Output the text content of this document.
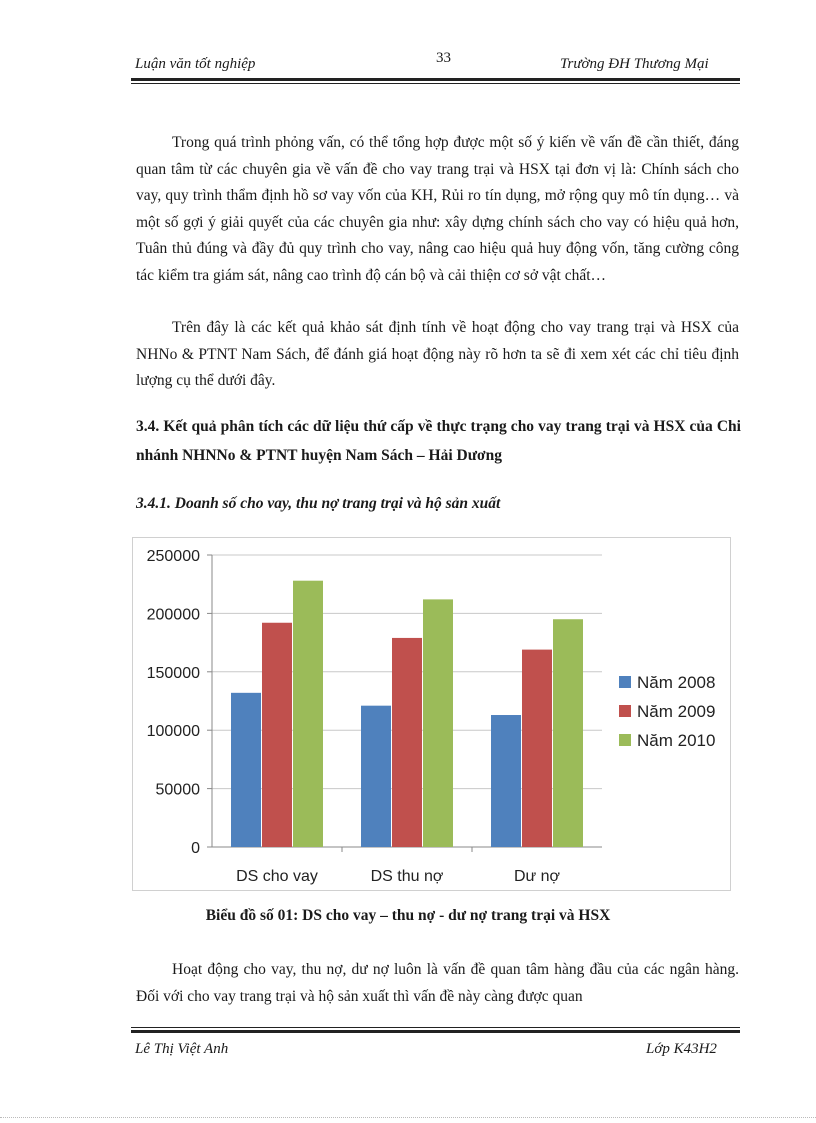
Luận văn tốt nghiệp	33	Trường ĐH Thương Mại

Trong quá trình phỏng vấn, có thể tổng hợp được một số ý kiến về vấn đề cần thiết, đáng quan tâm từ các chuyên gia về vấn đề cho vay trang trại và HSX tại đơn vị là: Chính sách cho vay, quy trình thẩm định hồ sơ vay vốn của KH, Rủi ro tín dụng, mở rộng quy mô tín dụng… và một số gợi ý giải quyết của các chuyên gia như: xây dựng chính sách cho vay có hiệu quả hơn, Tuân thủ đúng và đầy đủ quy trình cho vay, nâng cao hiệu quả huy động vốn, tăng cường công tác kiểm tra giám sát, nâng cao trình độ cán bộ và cải thiện cơ sở vật chất…

Trên đây là các kết quả khảo sát định tính về hoạt động cho vay trang trại và HSX của NHNo & PTNT Nam Sách, để đánh giá hoạt động này rõ hơn ta sẽ đi xem xét các chỉ tiêu định lượng cụ thể dưới đây.

3.4. Kết quả phân tích các dữ liệu thứ cấp về thực trạng cho vay trang trại và HSX của Chi nhánh NHNNo & PTNT huyện Nam Sách – Hải Dương

3.4.1. Doanh số cho vay, thu nợ trang trại và hộ sản xuất

0
50000
100000
150000
200000
250000
DS cho vay	DS thu nợ	Dư nợ
Năm 2008
Năm 2009
Năm 2010
Biểu đồ số 01: DS cho vay – thu nợ - dư nợ trang trại và HSX

Hoạt động cho vay, thu nợ, dư nợ luôn là vấn đề quan tâm hàng đầu của các ngân hàng. Đối với cho vay trang trại và hộ sản xuất thì vấn đề này càng được quan

Lê Thị Việt Anh	Lớp K43H2
